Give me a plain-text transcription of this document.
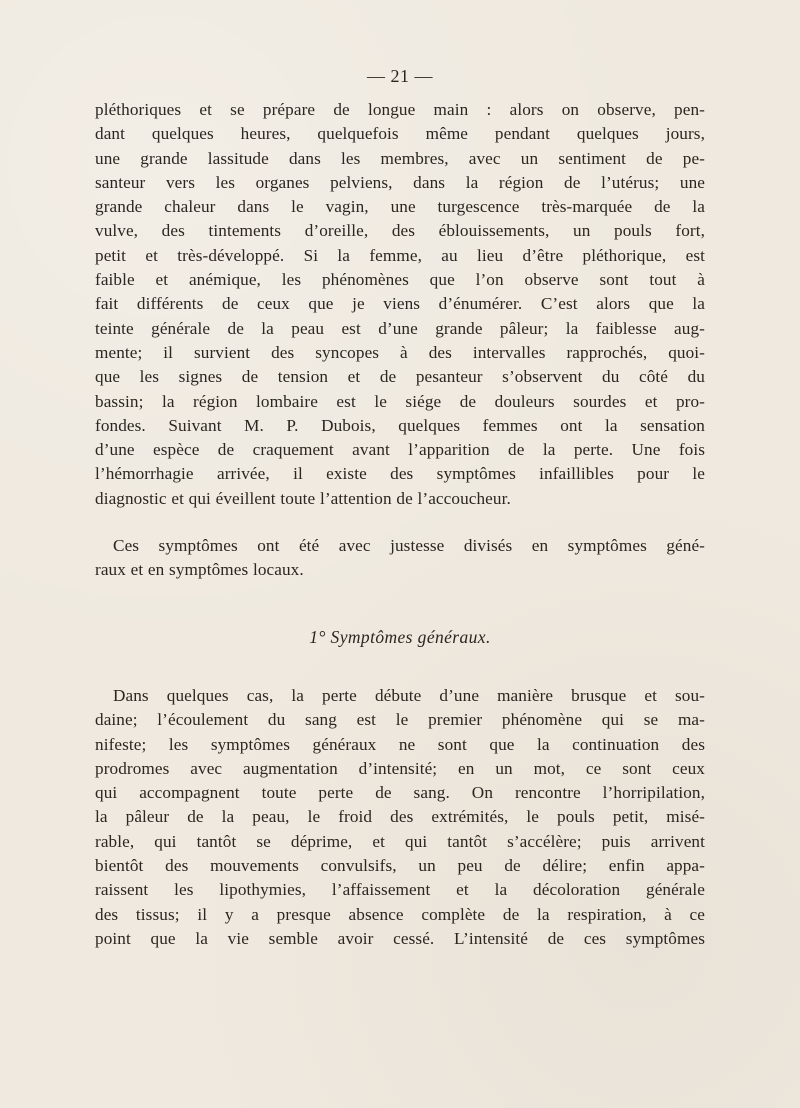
— 21 —
pléthoriques et se prépare de longue main : alors on observe, pen-
dant quelques heures, quelquefois même pendant quelques jours,
une grande lassitude dans les membres, avec un sentiment de pe-
santeur vers les organes pelviens, dans la région de l’utérus; une
grande chaleur dans le vagin, une turgescence très-marquée de la
vulve, des tintements d’oreille, des éblouissements, un pouls fort,
petit et très-développé. Si la femme, au lieu d’être pléthorique, est
faible et anémique, les phénomènes que l’on observe sont tout à
fait différents de ceux que je viens d’énumérer. C’est alors que la
teinte générale de la peau est d’une grande pâleur; la faiblesse aug-
mente; il survient des syncopes à des intervalles rapprochés, quoi-
que les signes de tension et de pesanteur s’observent du côté du
bassin; la région lombaire est le siége de douleurs sourdes et pro-
fondes. Suivant M. P. Dubois, quelques femmes ont la sensation
d’une espèce de craquement avant l’apparition de la perte. Une fois
l’hémorrhagie arrivée, il existe des symptômes infaillibles pour le
diagnostic et qui éveillent toute l’attention de l’accoucheur.
Ces symptômes ont été avec justesse divisés en symptômes géné-
raux et en symptômes locaux.
1° Symptômes généraux.
Dans quelques cas, la perte débute d’une manière brusque et sou-
daine; l’écoulement du sang est le premier phénomène qui se ma-
nifeste; les symptômes généraux ne sont que la continuation des
prodromes avec augmentation d’intensité; en un mot, ce sont ceux
qui accompagnent toute perte de sang. On rencontre l’horripilation,
la pâleur de la peau, le froid des extrémités, le pouls petit, misé-
rable, qui tantôt se déprime, et qui tantôt s’accélère; puis arrivent
bientôt des mouvements convulsifs, un peu de délire; enfin appa-
raissent les lipothymies, l’affaissement et la décoloration générale
des tissus; il y a presque absence complète de la respiration, à ce
point que la vie semble avoir cessé. L’intensité de ces symptômes
